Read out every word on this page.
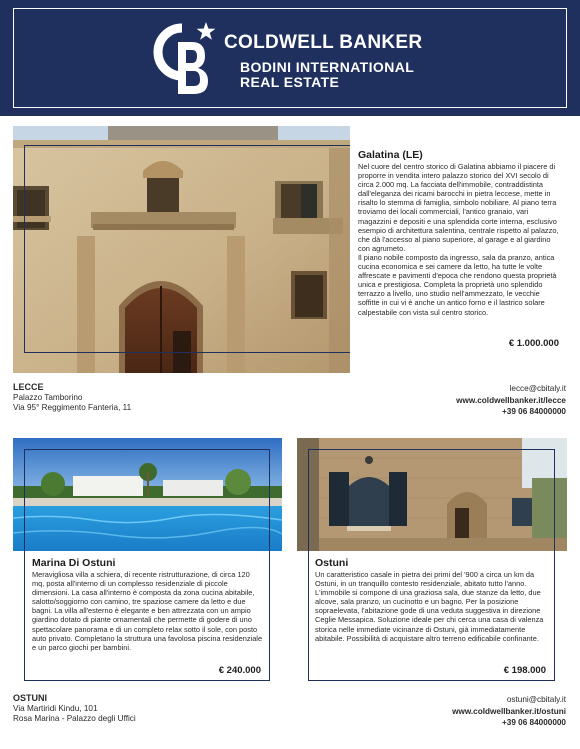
COLDWELL BANKER
BODINI INTERNATIONAL
REAL ESTATE
Galatina (LE)

Nel cuore del centro storico di Galatina abbiamo il piacere di proporre in vendita intero palazzo storico del XVI secolo di circa 2.000 mq. La facciata dell'immobile, contraddistinta dall'eleganza dei ricami barocchi in pietra leccese, mette in risalto lo stemma di famiglia, simbolo nobiliare. Al piano terra troviamo dei locali commerciali, l'antico granaio, vari magazzini e depositi e una splendida corte interna, esclusivo esempio di architettura salentina, centrale rispetto al palazzo, che dà l'accesso al piano superiore, al garage e al giardino con agrumeto.

Il piano nobile composto da ingresso, sala da pranzo, antica cucina economica e sei camere da letto, ha tutte le volte affrescate e pavimenti d'epoca che rendono questa proprietà unica e prestigiosa. Completa la proprietà uno splendido terrazzo a livello, uno studio nell'ammezzato, le vecchie soffitte in cui vi è anche un antico forno e il lastrico solare calpestabile con vista sul centro storico.

€ 1.000.000
LECCE
Palazzo Tamborino
Via 95° Reggimento Fanteria, 11
lecce@cbitaly.it
www.coldwellbanker.it/lecce
+39 06 84000000
Marina Di Ostuni
Meravigliosa villa a schiera, di recente ristrutturazione, di circa 120 mq, posta all'interno di un complesso residenziale di piccole dimensioni. La casa all'interno è composta da zona cucina abitabile, salotto/soggiorno con camino, tre spaziose camere da letto e due bagni. La villa all'esterno è elegante e ben attrezzata con un ampio giardino dotato di piante ornamentali che permette di godere di uno spettacolare panorama e di un completo relax sotto il sole, con posto auto privato. Completano la struttura una favolosa piscina residenziale e un parco giochi per bambini.
€ 240.000
Ostuni
Un caratteristico casale in pietra dei primi del '900 a circa un km da Ostuni, in un tranquillo contesto residenziale, abitato tutto l'anno. L'immobile si compone di una graziosa sala, due stanze da letto, due alcove, sala pranzo, un cucinotto e un bagno. Per la posizione sopraelevata, l'abitazione gode di una veduta suggestiva in direzione Ceglie Messapica. Soluzione ideale per chi cerca una casa di valenza storica nelle immediate vicinanze di Ostuni, già immediatamente abitabile. Possibilità di acquistare altro terreno edificabile confinante.
€ 198.000
OSTUNI
Via Martiridi Kindu, 101
Rosa Marina - Palazzo degli Uffici
ostuni@cbitaly.it
www.coldwellbanker.it/ostuni
+39 06 84000000
